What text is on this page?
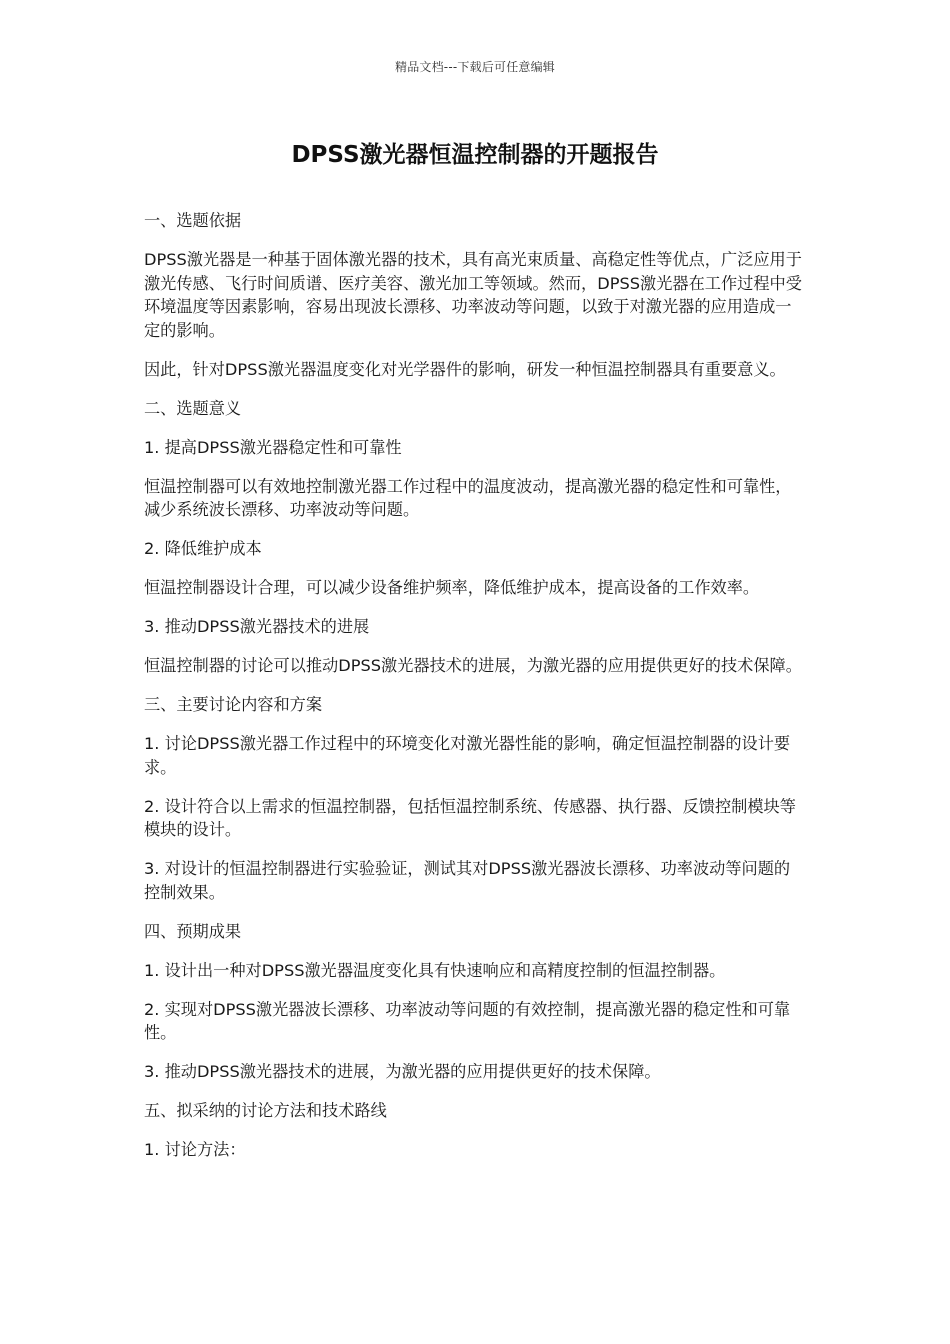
精品文档---下载后可任意编辑
DPSS激光器恒温控制器的开题报告

一、选题依据

DPSS激光器是一种基于固体激光器的技术，具有高光束质量、高稳定性等优点，广泛应用于激光传感、飞行时间质谱、医疗美容、激光加工等领域。然而，DPSS激光器在工作过程中受环境温度等因素影响，容易出现波长漂移、功率波动等问题，以致于对激光器的应用造成一定的影响。

因此，针对DPSS激光器温度变化对光学器件的影响，研发一种恒温控制器具有重要意义。

二、选题意义

1. 提高DPSS激光器稳定性和可靠性

恒温控制器可以有效地控制激光器工作过程中的温度波动，提高激光器的稳定性和可靠性，减少系统波长漂移、功率波动等问题。

2. 降低维护成本

恒温控制器设计合理，可以减少设备维护频率，降低维护成本，提高设备的工作效率。

3. 推动DPSS激光器技术的进展

恒温控制器的讨论可以推动DPSS激光器技术的进展，为激光器的应用提供更好的技术保障。

三、主要讨论内容和方案

1. 讨论DPSS激光器工作过程中的环境变化对激光器性能的影响，确定恒温控制器的设计要求。

2. 设计符合以上需求的恒温控制器，包括恒温控制系统、传感器、执行器、反馈控制模块等模块的设计。

3. 对设计的恒温控制器进行实验验证，测试其对DPSS激光器波长漂移、功率波动等问题的控制效果。

四、预期成果

1. 设计出一种对DPSS激光器温度变化具有快速响应和高精度控制的恒温控制器。

2. 实现对DPSS激光器波长漂移、功率波动等问题的有效控制，提高激光器的稳定性和可靠性。

3. 推动DPSS激光器技术的进展，为激光器的应用提供更好的技术保障。

五、拟采纳的讨论方法和技术路线

1. 讨论方法：
